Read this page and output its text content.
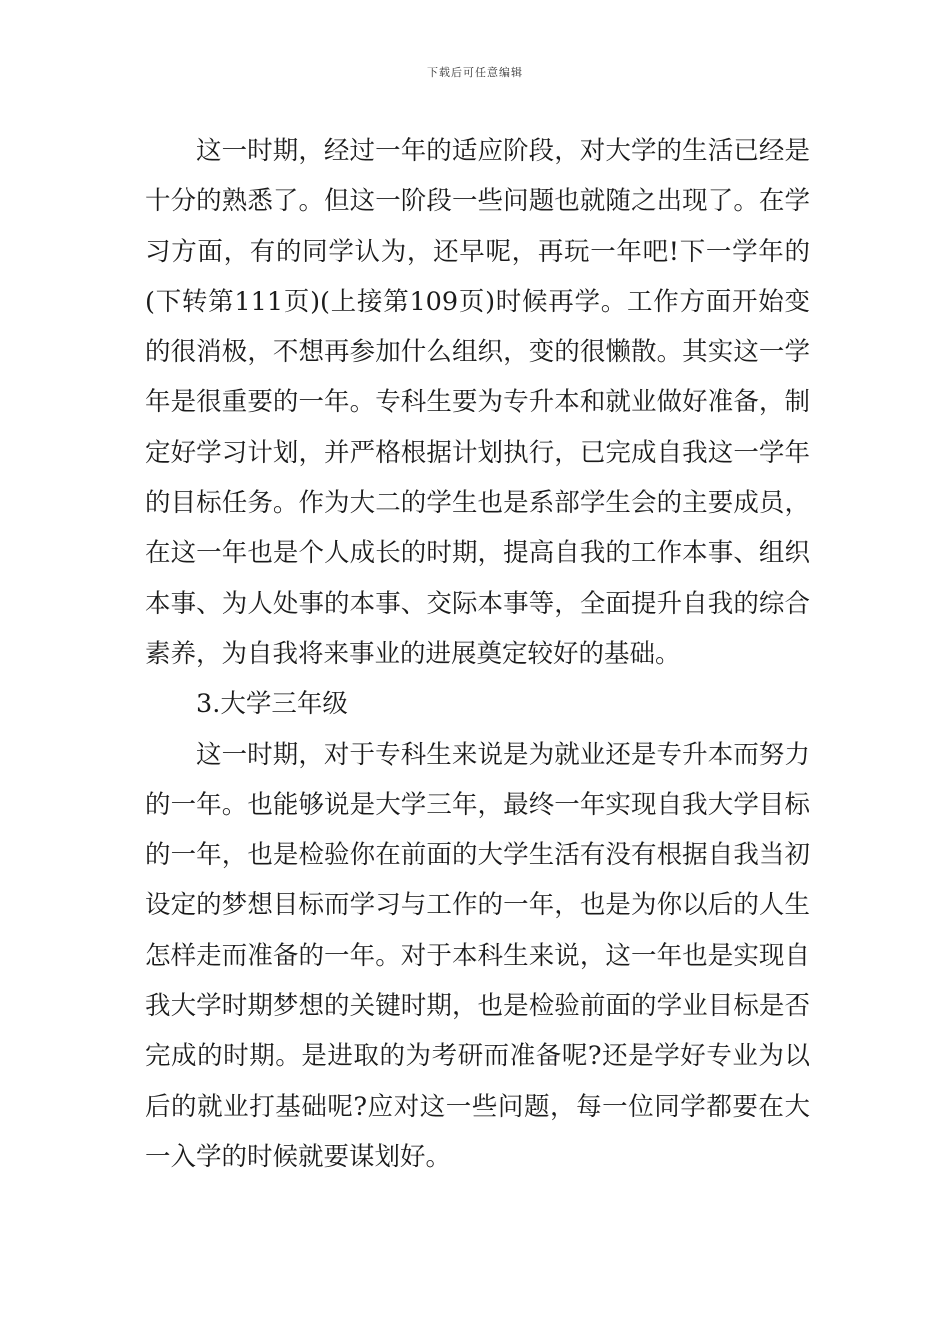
下载后可任意编辑

这一时期，经过一年的适应阶段，对大学的生活已经是十分的熟悉了。但这一阶段一些问题也就随之出现了。在学习方面，有的同学认为，还早呢，再玩一年吧!下一学年的(下转第111页)(上接第109页)时候再学。工作方面开始变的很消极，不想再参加什么组织，变的很懒散。其实这一学年是很重要的一年。专科生要为专升本和就业做好准备，制定好学习计划，并严格根据计划执行，已完成自我这一学年的目标任务。作为大二的学生也是系部学生会的主要成员，在这一年也是个人成长的时期，提高自我的工作本事、组织本事、为人处事的本事、交际本事等，全面提升自我的综合素养，为自我将来事业的进展奠定较好的基础。

3.大学三年级

这一时期，对于专科生来说是为就业还是专升本而努力的一年。也能够说是大学三年，最终一年实现自我大学目标的一年，也是检验你在前面的大学生活有没有根据自我当初设定的梦想目标而学习与工作的一年，也是为你以后的人生怎样走而准备的一年。对于本科生来说，这一年也是实现自我大学时期梦想的关键时期，也是检验前面的学业目标是否完成的时期。是进取的为考研而准备呢?还是学好专业为以后的就业打基础呢?应对这一些问题，每一位同学都要在大一入学的时候就要谋划好。
